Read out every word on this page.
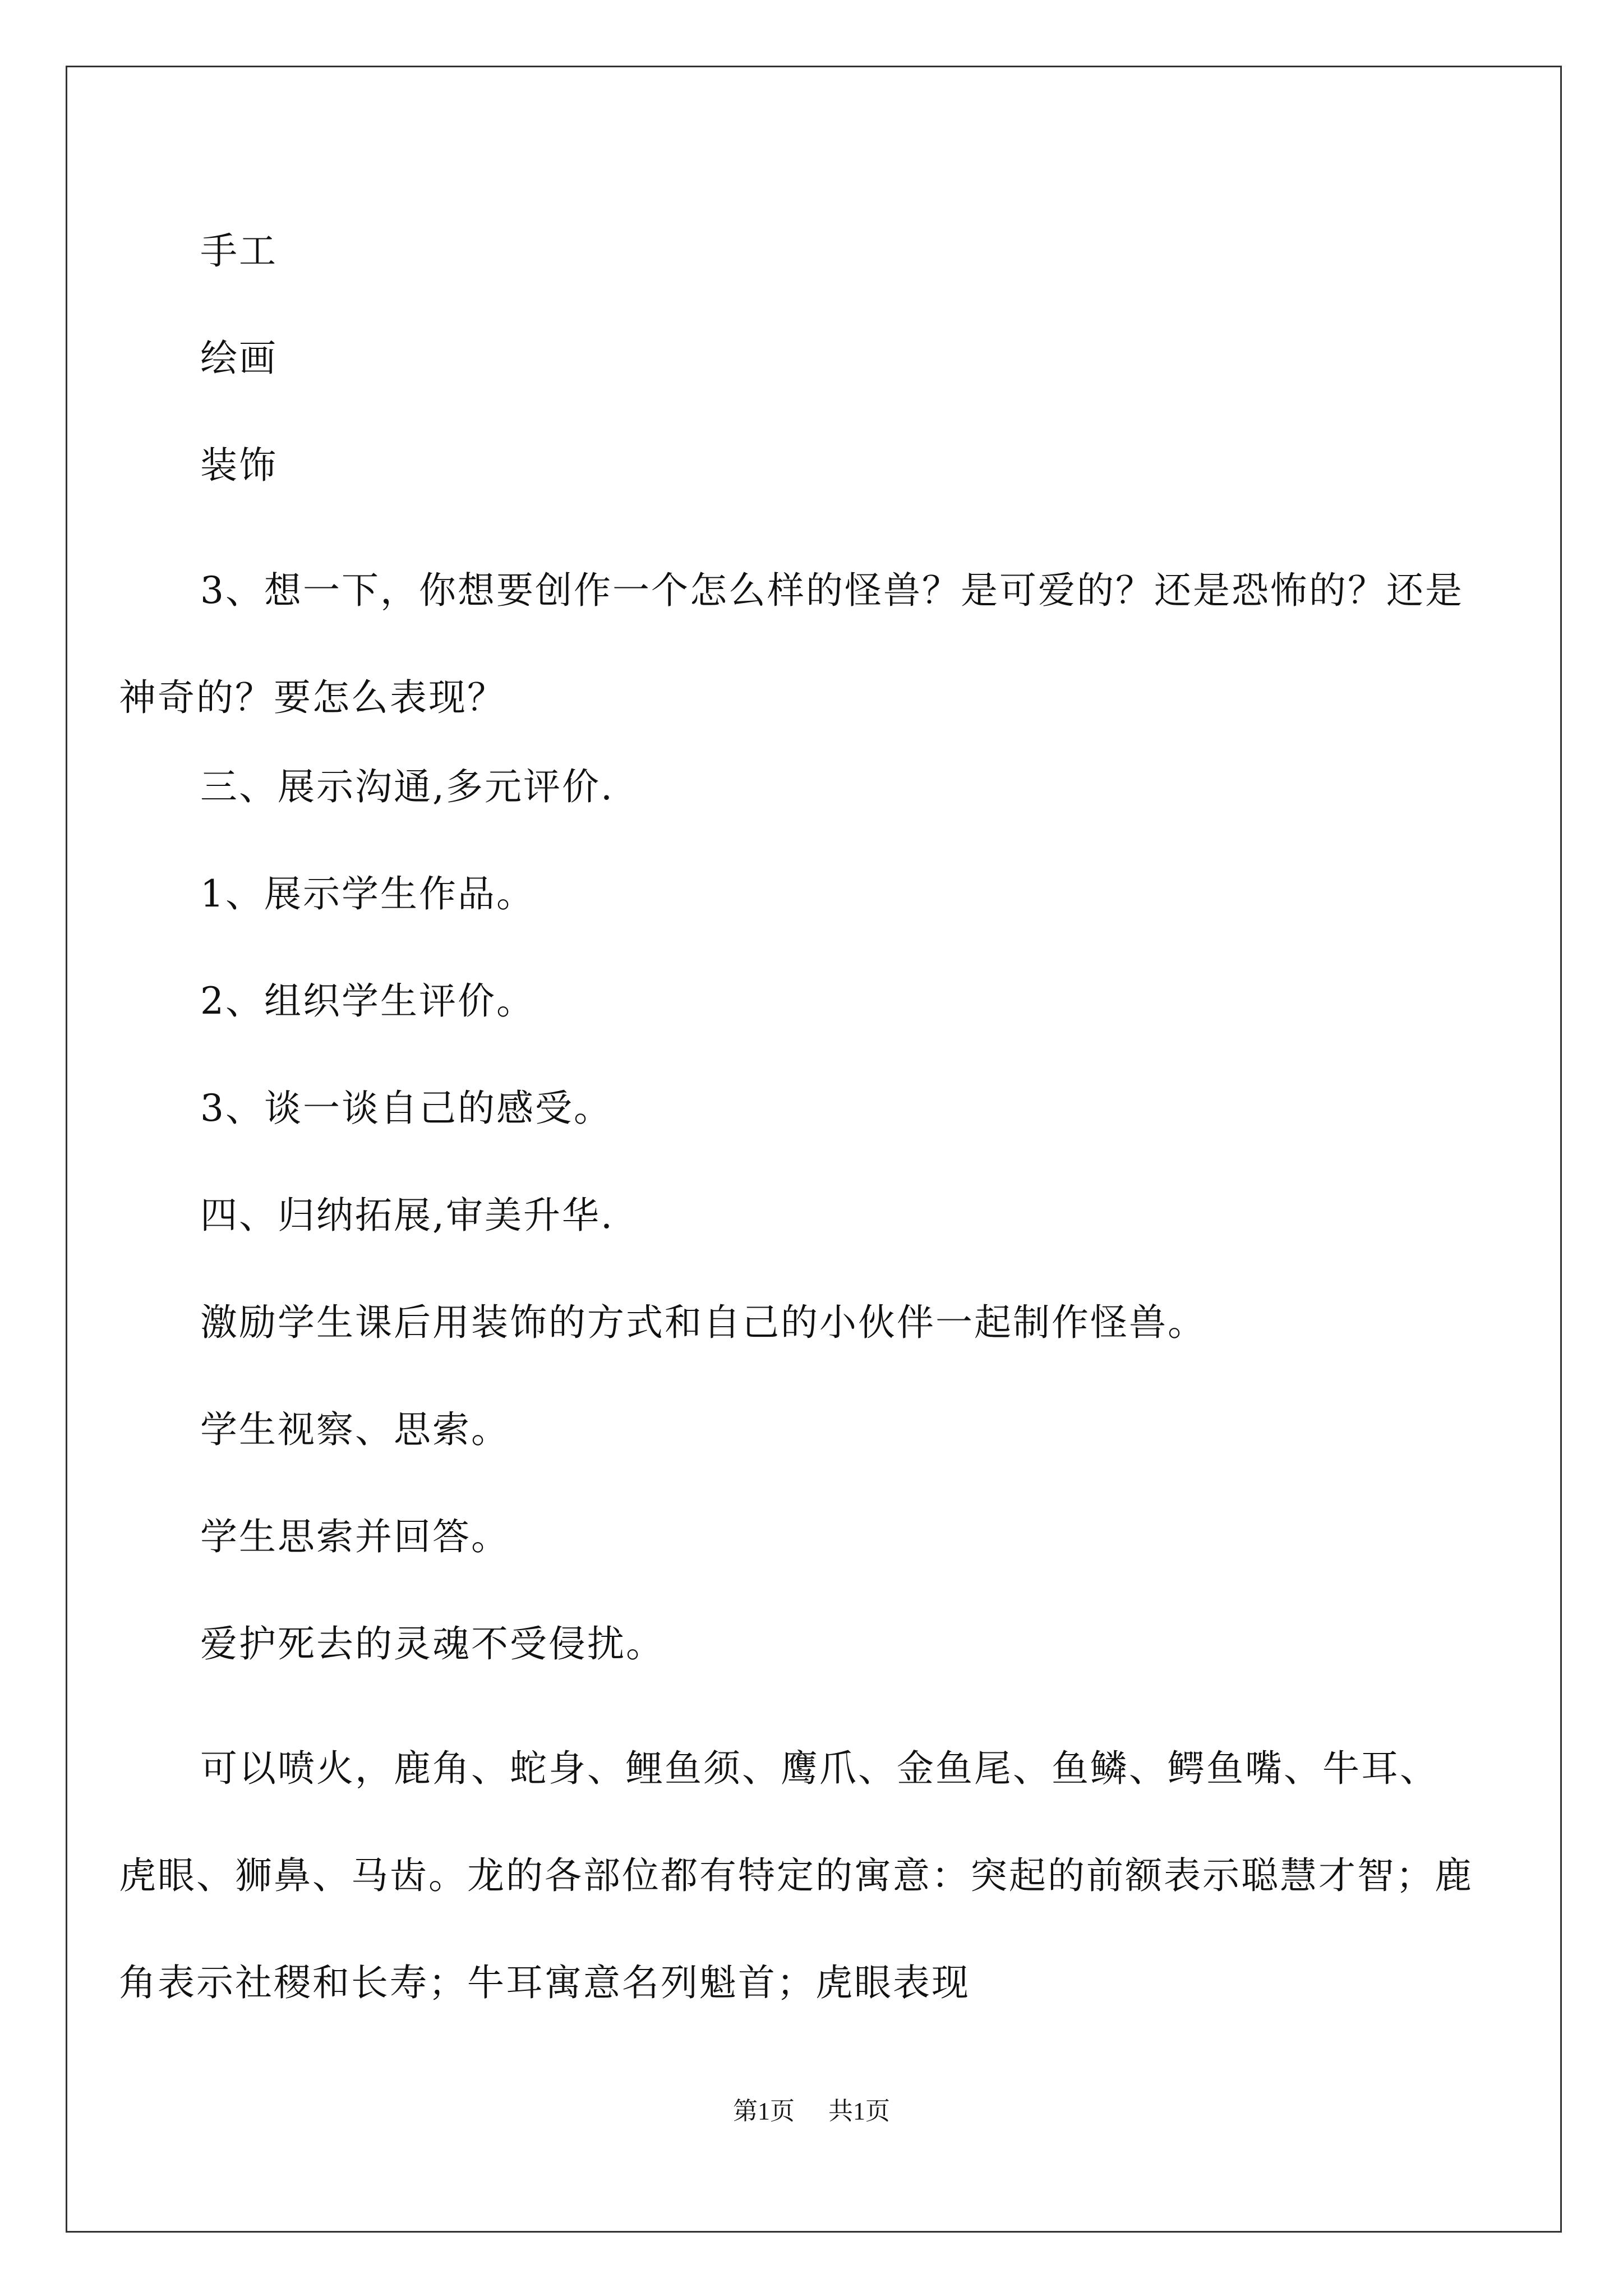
手工

绘画

装饰

3、想一下，你想要创作一个怎么样的怪兽？是可爱的？还是恐怖的？还是神奇的？要怎么表现？

三、展示沟通,多元评价.

1、展示学生作品。

2、组织学生评价。

3、谈一谈自己的感受。

四、归纳拓展,审美升华.

激励学生课后用装饰的方式和自己的小伙伴一起制作怪兽。

学生视察、思索。

学生思索并回答。

爱护死去的灵魂不受侵扰。

可以喷火，鹿角、蛇身、鲤鱼须、鹰爪、金鱼尾、鱼鳞、鳄鱼嘴、牛耳、虎眼、狮鼻、马齿。龙的各部位都有特定的寓意：突起的前额表示聪慧才智；鹿角表示社稷和长寿；牛耳寓意名列魁首；虎眼表现

第1页 共1页
